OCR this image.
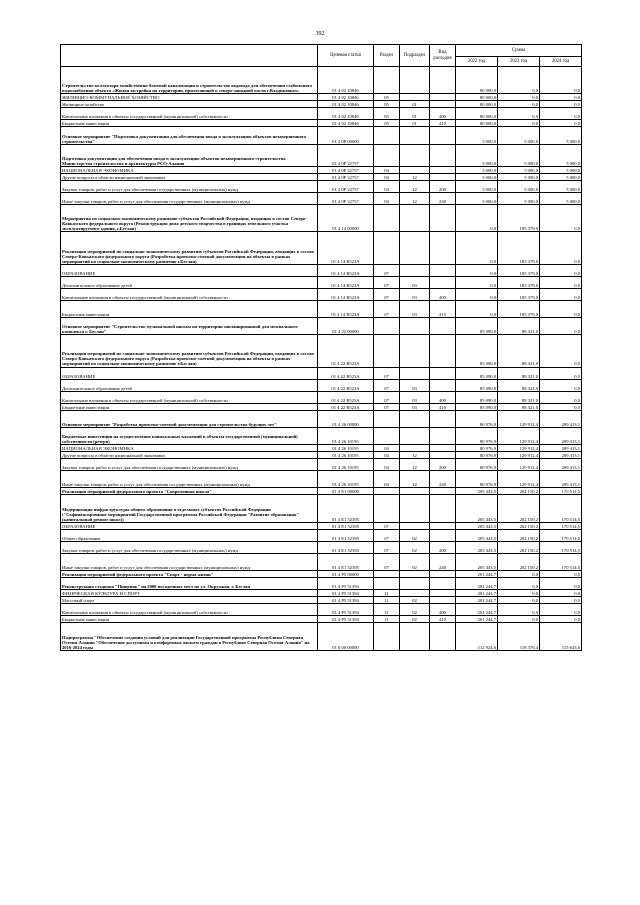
392
	Целевая статья	Раздел	Подраздел	Вид расходов	Сумма		
					2022 год	2023 год	2024 год
Строительство коллектора хозяйственно-бытовой канализации и строительство водовода для обеспечения стабильного водоснабжения объекта «Жилая застройка на территории, прилегающей к северо-западной части г.Владикавказ»	01 4 02 10846				80 000,0	0,0	0,0
ЖИЛИЩНО-КОММУНАЛЬНОЕ ХОЗЯЙСТВО	01 4 02 10846	05			80 000,0	0,0	0,0
Жилищное хозяйство	01 4 02 10846	05	01		80 000,0	0,0	0,0
Капитальные вложения в объекты государственной (муниципальной) собственности	01 4 02 10846	05	01	400	80 000,0	0,0	0,0
Бюджетные инвестиции	01 4 02 10846	05	01	410	80 000,0	0,0	0,0
Основное мероприятие "Подготовка документации для обеспечения ввода в эксплуатацию объектов незавершенного строительства"	01 4 0Р 00000				5 000,0	5 000,0	5 000,0
Подготовка документации для обеспечения ввода в эксплуатацию объектов незавершенного строительства Министерства строительства и архитектуры РСО-Алания	01 4 0Р 22757				5 000,0	5 000,0	5 000,0
НАЦИОНАЛЬНАЯ ЭКОНОМИКА	01 4 0Р 22757	04			5 000,0	5 000,0	5 000,0
Другие вопросы в области национальной экономики	01 4 0Р 22757	04	12		5 000,0	5 000,0	5 000,0
Закупка товаров, работ и услуг для обеспечения государственных (муниципальных) нужд	01 4 0Р 22757	04	12	200	5 000,0	5 000,0	5 000,0
Иные закупки товаров, работ и услуг для обеспечения государственных (муниципальных) нужд	01 4 0Р 22757	04	12	240	5 000,0	5 000,0	5 000,0
Мероприятия по социально-экономическому развитию субъектов Российской Федерации, входящих в состав Северо-Кавказского федерального округа (Реконструкция дома детского творчества в границах земельного участка эксплуатируемого здания, г.Беслан)	01 4 14 00000				0,0	185 379,0	0,0
Реализация мероприятий по социально-экономическому развитию субъектов Российской Федерации, входящих в состав Северо-Кавказского федерального округа (Разработка проектно-сметной документации на объекты в рамках мероприятий по социально-экономическому развитию г.Беслан)	01 4 14 R523А				0,0	185 379,0	0,0
ОБРАЗОВАНИЕ	01 4 14 R523А	07			0,0	185 379,0	0,0
Дополнительное образование детей	01 4 14 R523А	07	03		0,0	185 379,0	0,0
Капитальные вложения в объекты государственной (муниципальной) собственности	01 4 14 R523А	07	03	400	0,0	185 379,0	0,0
Бюджетные инвестиции	01 4 14 R523А	07	03	410	0,0	185 379,0	0,0
Основное мероприятие "Строительство музыкальной школы на территории запланированной для межвального комплекса г. Беслан"	01 4 22 00000				85 090,0	88 321,0	0,0
Реализация мероприятий по социально-экономическому развитию субъектов Российской Федерации, входящих в состав Северо-Кавказского федерального округа (Разработка проектно-сметной документации на объекты в рамках мероприятий по социально-экономическому развитию г.Беслан)	01 4 22 R523А				85 090,0	88 321,0	0,0
ОБРАЗОВАНИЕ	01 4 22 R523А	07			85 090,0	88 321,0	0,0
Дополнительное образование детей	01 4 22 R523А	07	03		85 090,0	88 321,0	0,0
Капитальные вложения в объекты государственной (муниципальной) собственности	01 4 22 R523А	07	03	400	85 090,0	88 321,0	0,0
Бюджетные инвестиции	01 4 22 R523А	07	03	410	85 090,0	88 321,0	0,0
Основное мероприятие "Разработка проектно-сметной документации для строительства будущих лет"	01 4 26 00000				80 976,9	129 912,4	209 413,1
Бюджетные инвестиции на осуществление капитальных вложений в объекты государственной (муниципальной) собственности (резерв)	01 4 26 10195				80 976,9	129 912,4	209 413,1
НАЦИОНАЛЬНАЯ ЭКОНОМИКА	01 4 26 10195	04			80 976,9	129 912,4	209 413,1
Другие вопросы в области национальной экономики	01 4 26 10195	04	12		80 976,9	129 912,4	209 413,1
Закупка товаров, работ и услуг для обеспечения государственных (муниципальных) нужд	01 4 26 10195	04	12	200	80 976,9	129 912,4	209 413,1
Иные закупки товаров, работ и услуг для обеспечения государственных (муниципальных) нужд	01 4 26 10195	04	12	240	80 976,9	129 912,4	209 413,1
Реализация мероприятий федерального проекта "Современная школа"	01 4 Е1 00000				205 443,5	202 150,2	170 514,5
Модернизация инфраструктуры общего образования в отдельных субъектах Российской Федерации ("Софинансирование мероприятий Государственной программы Российской Федерации "Развитие образования" (капитальный ремонт школ))	01 4 Е1 52395				205 443,5	202 150,2	170 514,5
ОБРАЗОВАНИЕ	01 4 Е1 52395	07			205 443,5	202 150,2	170 514,5
Общее образование	01 4 Е1 52395	07	02		205 443,5	202 150,2	170 514,5
Закупка товаров, работ и услуг для обеспечения государственных (муниципальных) нужд	01 4 Е1 52395	07	02	200	205 443,5	202 150,2	170 514,5
Иные закупки товаров, работ и услуг для обеспечения государственных (муниципальных) нужд	01 4 Е1 52395	07	02	240	205 443,5	202 150,2	170 514,5
Реализация мероприятий федерального проекта "Спорт - норма жизни"	01 4 Р5 00000				201 244,7	0,0	0,0
Реконструкция стадиона "Пищевик" на 2000 посадочных мест по ул. Окружная, г. Беслан	01 4 Р5 51394				201 244,7	0,0	0,0
ФИЗИЧЕСКАЯ КУЛЬТУРА И СПОРТ	01 4 Р5 51394	11			201 244,7	0,0	0,0
Массовый спорт	01 4 Р5 51394	11	02		201 244,7	0,0	0,0
Капитальные вложения в объекты государственной (муниципальной) собственности	01 4 Р5 51394	11	02	400	201 244,7	0,0	0,0
Бюджетные инвестиции	01 4 Р5 51394	11	02	410	201 244,7	0,0	0,0
Подпрограмма "Обеспечение создания условий для реализации Государственной программы Республики Северная Осетия-Алания "Обеспечение доступным и комфортным жильем граждан в Республике Северная Осетия-Алания" на 2016-2024 годы	01 6 00 00000				112 924,6	118 376,4	115 643,6
